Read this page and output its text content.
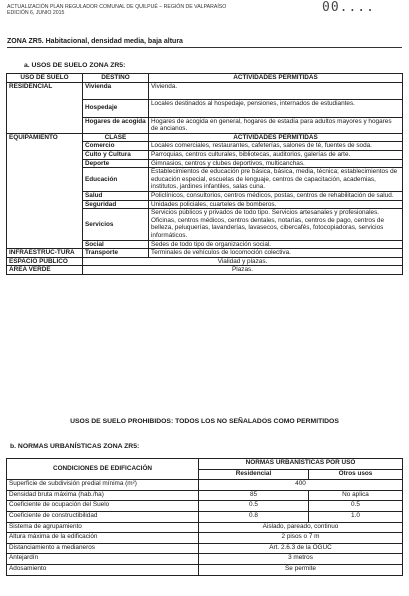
ACTUALIZACIÓN PLAN REGULADOR COMUNAL DE QUILPUÉ – REGIÓN DE VALPARAÍSO
EDICIÓN 6, JUNIO 2015	00....
ZONA ZR5. Habitacional, densidad media, baja altura
a. USOS DE SUELO ZONA ZR5:
USO DE SUELO	DESTINO	ACTIVIDADES PERMITIDAS
RESIDENCIAL	Vivienda	Vivienda.
	Hospedaje	Locales destinados al hospedaje, pensiones, internados de estudiantes.
	Hogares de acogida	Hogares de acogida en general, hogares de estadía para adultos mayores y hogares de ancianos.
EQUIPAMIENTO	CLASE	ACTIVIDADES PERMITIDAS
	Comercio	Locales comerciales, restaurantes, cafeterías, salones de té, fuentes de soda.
	Culto y Cultura	Parroquias, centros culturales, bibliotecas, auditorios, galerías de arte.
	Deporte	Gimnasios, centros y clubes deportivos, multicanchas.
	Educación	Establecimientos de educación pre básica, básica, media, técnica; establecimientos de educación especial, escuelas de lenguaje, centros de capacitación, academias, institutos, jardines infantiles, salas cuna.
	Salud	Policlínicos, consultorios, centros médicos, postas, centros de rehabilitación de salud.
	Seguridad	Unidades policiales, cuarteles de bomberos.
	Servicios	Servicios públicos y privados de todo tipo. Servicios artesanales y profesionales. Oficinas, centros médicos, centros dentales, notarías, centros de pago, centros de belleza, peluquerías, lavanderías, lavasecos, cibercafés, fotocopiadoras, servicios informáticos.
	Social	Sedes de todo tipo de organización social.
INFRAESTRUC-TURA	Transporte	Terminales de vehículos de locomoción colectiva.
ESPACIO PÚBLICO	Vialidad y plazas.	
ÁREA VERDE	Plazas.	
USOS DE SUELO PROHIBIDOS: TODOS LOS NO SEÑALADOS COMO PERMITIDOS
b. NORMAS URBANÍSTICAS ZONA ZR5:
CONDICIONES DE EDIFICACIÓN	NORMAS URBANÍSTICAS POR USO	
	Residencial	Otros usos
Superficie de subdivisión predial mínima (m²)	400	
Densidad bruta máxima (hab./ha)	85	No aplica
Coeficiente de ocupación del Suelo	0.5	0.5
Coeficiente de constructibilidad	0.8	1.0
Sistema de agrupamiento	Aislado, pareado, continuo	
Altura máxima de la edificación	2 pisos o 7 m	
Distanciamiento a medianeros	Art. 2.6.3 de la OGUC	
Antejardín	3 metros	
Adosamiento	Se permite	
